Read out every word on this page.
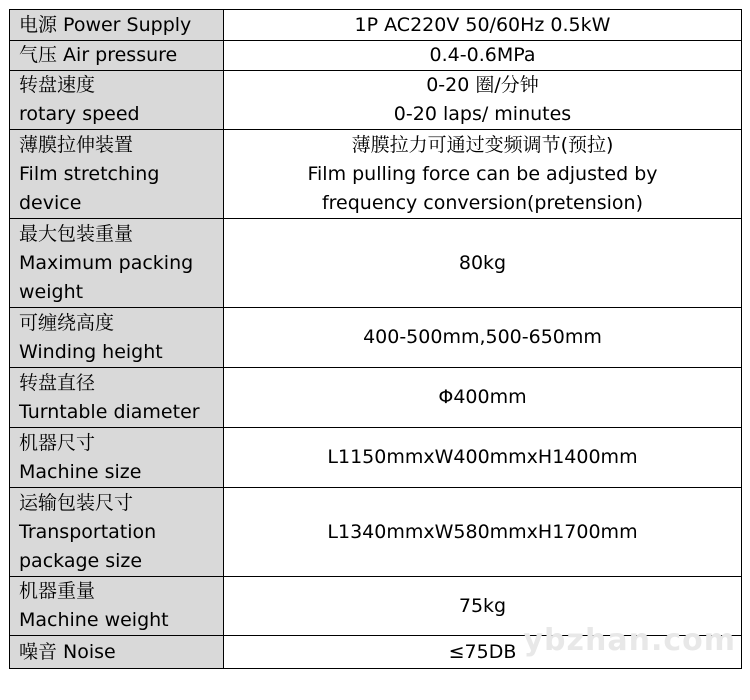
电源 Power Supply	1P AC220V 50/60Hz 0.5kW

气压 Air pressure	0.4-0.6MPa

转盘速度
rotary speed	0-20 圈/分钟
0-20 laps/ minutes

薄膜拉伸装置
Film stretching
device	薄膜拉力可通过变频调节(预拉)
Film pulling force can be adjusted by
frequency conversion(pretension)

最大包装重量
Maximum packing
weight	80kg

可缠绕高度
Winding height	400-500mm,500-650mm

转盘直径
Turntable diameter	Φ400mm

机器尺寸
Machine size	L1150mmxW400mmxH1400mm

运输包装尺寸
Transportation
package size	L1340mmxW580mmxH1700mm

机器重量
Machine weight	75kg

噪音 Noise	≤75DB ybzhan.com
